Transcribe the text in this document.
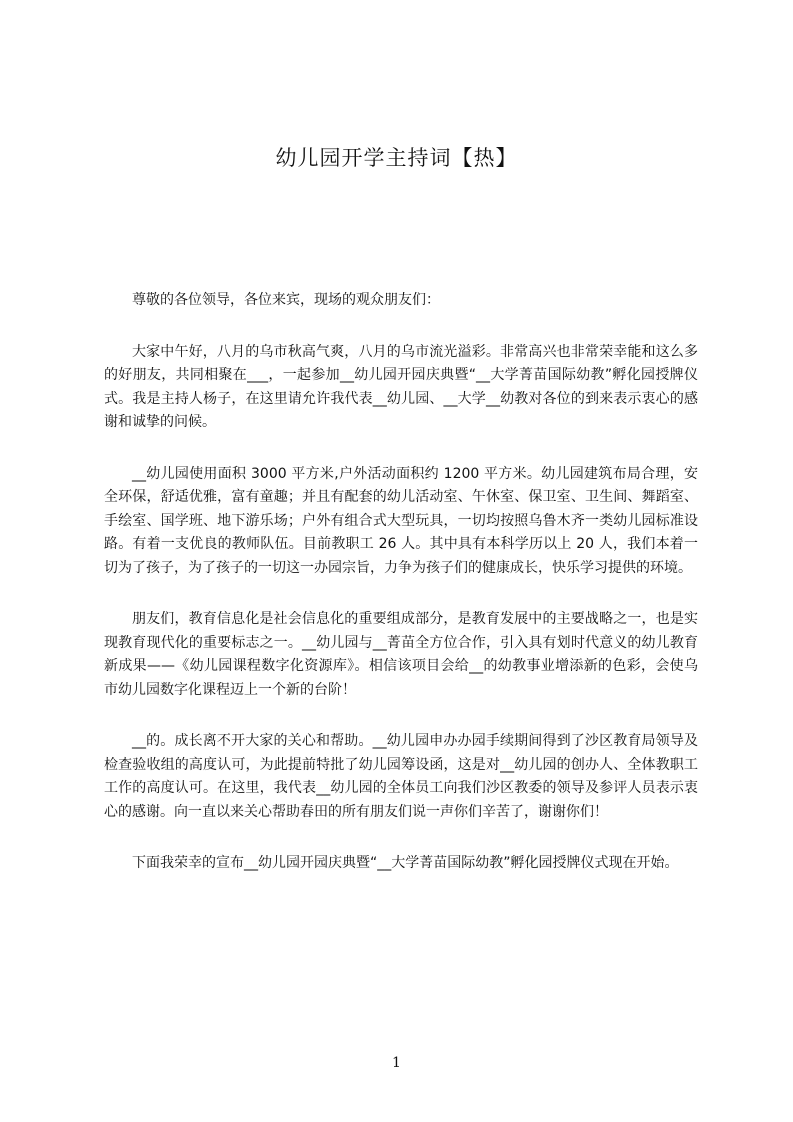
幼儿园开学主持词【热】

尊敬的各位领导，各位来宾，现场的观众朋友们：

大家中午好，八月的乌市秋高气爽，八月的乌市流光溢彩。非常高兴也非常荣幸能和这么多的好朋友，共同相聚在___，一起参加__幼儿园开园庆典暨“__大学菁苗国际幼教”孵化园授牌仪式。我是主持人杨子，在这里请允许我代表__幼儿园、__大学__幼教对各位的到来表示衷心的感谢和诚挚的问候。

__幼儿园使用面积 3000 平方米,户外活动面积约 1200 平方米。幼儿园建筑布局合理，安全环保，舒适优雅，富有童趣；并且有配套的幼儿活动室、午休室、保卫室、卫生间、舞蹈室、手绘室、国学班、地下游乐场；户外有组合式大型玩具，一切均按照乌鲁木齐一类幼儿园标准设路。有着一支优良的教师队伍。目前教职工 26 人。其中具有本科学历以上 20 人，我们本着一切为了孩子，为了孩子的一切这一办园宗旨，力争为孩子们的健康成长，快乐学习提供的环境。

朋友们，教育信息化是社会信息化的重要组成部分，是教育发展中的主要战略之一，也是实现教育现代化的重要标志之一。__幼儿园与__菁苗全方位合作，引入具有划时代意义的幼儿教育新成果——《幼儿园课程数字化资源库》。相信该项目会给__的幼教事业增添新的色彩，会使乌市幼儿园数字化课程迈上一个新的台阶！

__的。成长离不开大家的关心和帮助。__幼儿园申办办园手续期间得到了沙区教育局领导及检查验收组的高度认可，为此提前特批了幼儿园筹设函，这是对__幼儿园的创办人、全体教职工工作的高度认可。在这里，我代表__幼儿园的全体员工向我们沙区教委的领导及参评人员表示衷心的感谢。向一直以来关心帮助春田的所有朋友们说一声你们辛苦了，谢谢你们！

下面我荣幸的宣布__幼儿园开园庆典暨“__大学菁苗国际幼教”孵化园授牌仪式现在开始。

1
